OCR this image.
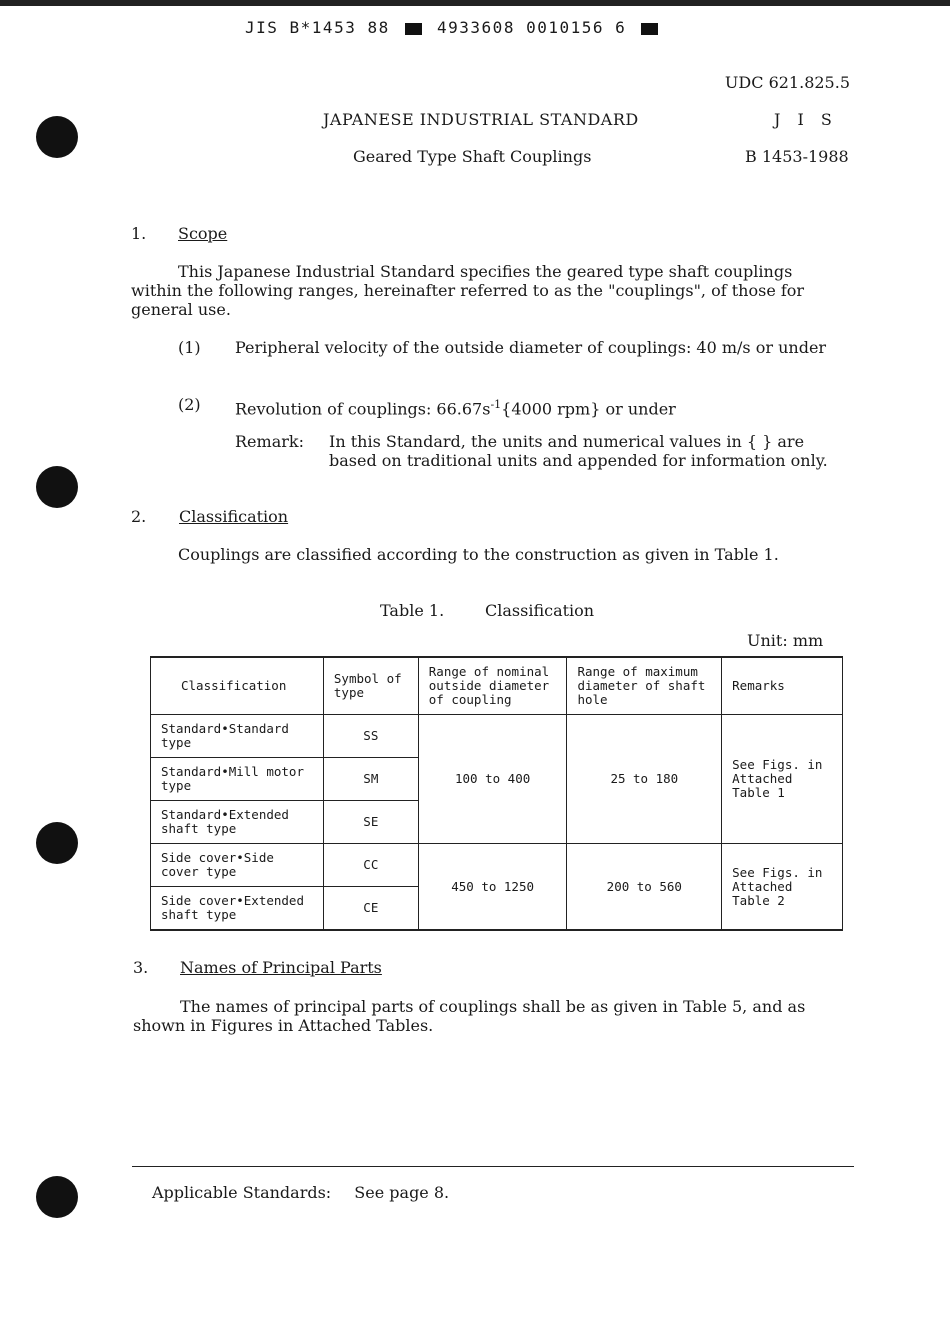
JIS B*1453 88	4933608 0010156 6
UDC 621.825.5
JAPANESE INDUSTRIAL STANDARD	J I S
Geared Type Shaft Couplings	B 1453-1988
1. Scope
This Japanese Industrial Standard specifies the geared type shaft couplings within the following ranges, hereinafter referred to as the "couplings", of those for general use.
(1) Peripheral velocity of the outside diameter of couplings: 40 m/s or under
(2) Revolution of couplings: $66.67s^{-1}\{4000$ rpm} or under
Remark: In this Standard, the units and numerical values in { } are based on traditional units and appended for information only.
2. Classification
Couplings are classified according to the construction as given in Table 1.
Table 1.	Classification
Unit: mm
Classification	Symbol of type	Range of nominal outside diameter of coupling	Range of maximum diameter of shaft hole	Remarks
Standard•Standard type	SS	100 to 400	25 to 180	See Figs. in Attached Table 1
Standard•Mill motor type	SM			
Standard•Extended shaft type	SE			
Side cover•Side cover type	CC	450 to 1250	200 to 560	See Figs. in Attached Table 2
Side cover•Extended shaft type	CE			
3. Names of Principal Parts
The names of principal parts of couplings shall be as given in Table 5, and as shown in Figures in Attached Tables.
Applicable Standards: See page 8.
